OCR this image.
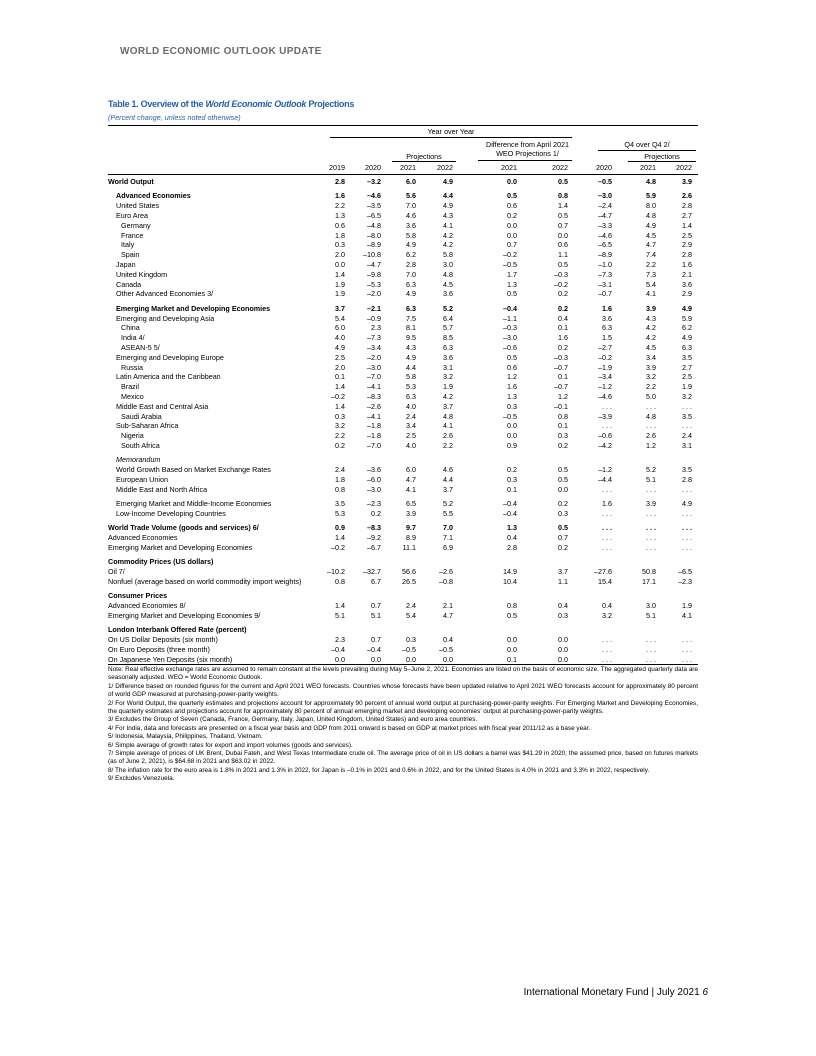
WORLD ECONOMIC OUTLOOK UPDATE
Table 1. Overview of the World Economic Outlook Projections
(Percent change, unless noted otherwise)
Year over Year
Difference from April 2021
WEO Projections 1/
Q4 over Q4 2/
Projections	Projections
2019	2020	2021	2022	2021	2022	2020	2021	2022
World Output	2.8	–3.2	6.0	4.9	0.0	0.5	–0.5	4.8	3.9
Advanced Economies	1.6	–4.6	5.6	4.4	0.5	0.8	–3.0	5.9	2.6
United States	2.2	–3.5	7.0	4.9	0.6	1.4	–2.4	8.0	2.8
Euro Area	1.3	–6.5	4.6	4.3	0.2	0.5	–4.7	4.8	2.7
Germany	0.6	–4.8	3.6	4.1	0.0	0.7	–3.3	4.9	1.4
France	1.8	–8.0	5.8	4.2	0.0	0.0	–4.6	4.5	2.5
Italy	0.3	–8.9	4.9	4.2	0.7	0.6	–6.5	4.7	2.9
Spain	2.0	–10.8	6.2	5.8	–0.2	1.1	–8.9	7.4	2.8
Japan	0.0	–4.7	2.8	3.0	–0.5	0.5	–1.0	2.2	1.6
United Kingdom	1.4	–9.8	7.0	4.8	1.7	–0.3	–7.3	7.3	2.1
Canada	1.9	–5.3	6.3	4.5	1.3	–0.2	–3.1	5.4	3.6
Other Advanced Economies 3/	1.9	–2.0	4.9	3.6	0.5	0.2	–0.7	4.1	2.9
Emerging Market and Developing Economies	3.7	–2.1	6.3	5.2	–0.4	0.2	1.6	3.9	4.9
Emerging and Developing Asia	5.4	–0.9	7.5	6.4	–1.1	0.4	3.6	4.3	5.9
China	6.0	2.3	8.1	5.7	–0.3	0.1	6.3	4.2	6.2
India 4/	4.0	–7.3	9.5	8.5	–3.0	1.6	1.5	4.2	4.9
ASEAN-5 5/	4.9	–3.4	4.3	6.3	–0.6	0.2	–2.7	4.5	6.3
Emerging and Developing Europe	2.5	–2.0	4.9	3.6	0.5	–0.3	–0.2	3.4	3.5
Russia	2.0	–3.0	4.4	3.1	0.6	–0.7	–1.9	3.9	2.7
Latin America and the Caribbean	0.1	–7.0	5.8	3.2	1.2	0.1	–3.4	3.2	2.5
Brazil	1.4	–4.1	5.3	1.9	1.6	–0.7	–1.2	2.2	1.9
Mexico	–0.2	–8.3	6.3	4.2	1.3	1.2	–4.6	5.0	3.2
Middle East and Central Asia	1.4	–2.6	4.0	3.7	0.3	–0.1	. . .	. . .	. . .
Saudi Arabia	0.3	–4.1	2.4	4.8	–0.5	0.8	–3.9	4.8	3.5
Sub-Saharan Africa	3.2	–1.8	3.4	4.1	0.0	0.1	. . .	. . .	. . .
Nigeria	2.2	–1.8	2.5	2.6	0.0	0.3	–0.6	2.6	2.4
South Africa	0.2	–7.0	4.0	2.2	0.9	0.2	–4.2	1.2	3.1
Memorandum
World Growth Based on Market Exchange Rates	2.4	–3.6	6.0	4.6	0.2	0.5	–1.2	5.2	3.5
European Union	1.8	–6.0	4.7	4.4	0.3	0.5	–4.4	5.1	2.8
Middle East and North Africa	0.8	–3.0	4.1	3.7	0.1	0.0	. . .	. . .	. . .
Emerging Market and Middle-Income Economies	3.5	–2.3	6.5	5.2	–0.4	0.2	1.6	3.9	4.9
Low-Income Developing Countries	5.3	0.2	3.9	5.5	–0.4	0.3	. . .	. . .	. . .
World Trade Volume (goods and services) 6/	0.9	–8.3	9.7	7.0	1.3	0.5	. . .	. . .	. . .
Advanced Economies	1.4	–9.2	8.9	7.1	0.4	0.7	. . .	. . .	. . .
Emerging Market and Developing Economies	–0.2	–6.7	11.1	6.9	2.8	0.2	. . .	. . .	. . .
Commodity Prices (US dollars)
Oil 7/	–10.2	–32.7	56.6	–2.6	14.9	3.7	–27.6	50.8	–6.5
Nonfuel (average based on world commodity import weights)	0.8	6.7	26.5	–0.8	10.4	1.1	15.4	17.1	–2.3
Consumer Prices
Advanced Economies 8/	1.4	0.7	2.4	2.1	0.8	0.4	0.4	3.0	1.9
Emerging Market and Developing Economies 9/	5.1	5.1	5.4	4.7	0.5	0.3	3.2	5.1	4.1
London Interbank Offered Rate (percent)
On US Dollar Deposits (six month)	2.3	0.7	0.3	0.4	0.0	0.0	. . .	. . .	. . .
On Euro Deposits (three month)	–0.4	–0.4	–0.5	–0.5	0.0	0.0	. . .	. . .	. . .
On Japanese Yen Deposits (six month)	0.0	0.0	0.0	0.0	0.1	0.0	. . .	. . .	. . .

Note: Real effective exchange rates are assumed to remain constant at the levels prevailing during May 5–June 2, 2021. Economies are listed on the basis of economic size. The aggregated quarterly data are seasonally adjusted. WEO = World Economic Outlook.

1/ Difference based on rounded figures for the current and April 2021 WEO forecasts. Countries whose forecasts have been updated relative to April 2021 WEO forecasts account for approximately 80 percent of world GDP measured at purchasing-power-parity weights.

2/ For World Output, the quarterly estimates and projections account for approximately 90 percent of annual world output at purchasing-power-parity weights. For Emerging Market and Developing Economies, the quarterly estimates and projections account for approximately 80 percent of annual emerging market and developing economies’ output at purchasing-power-parity weights.

3/ Excludes the Group of Seven (Canada, France, Germany, Italy, Japan, United Kingdom, United States) and euro area countries.

4/ For India, data and forecasts are presented on a fiscal year basis and GDP from 2011 onward is based on GDP at market prices with fiscal year 2011/12 as a base year.

5/ Indonesia, Malaysia, Philippines, Thailand, Vietnam.

6/ Simple average of growth rates for export and import volumes (goods and services).

7/ Simple average of prices of UK Brent, Dubai Fateh, and West Texas Intermediate crude oil. The average price of oil in US dollars a barrel was $41.29 in 2020; the assumed price, based on futures markets (as of June 2, 2021), is $64.68 in 2021 and $63.02 in 2022.

8/ The inflation rate for the euro area is 1.8% in 2021 and 1.3% in 2022, for Japan is –0.1% in 2021 and 0.6% in 2022, and for the United States is 4.0% in 2021 and 3.3% in 2022, respectively.

9/ Excludes Venezuela.

International Monetary Fund | July 2021 6
